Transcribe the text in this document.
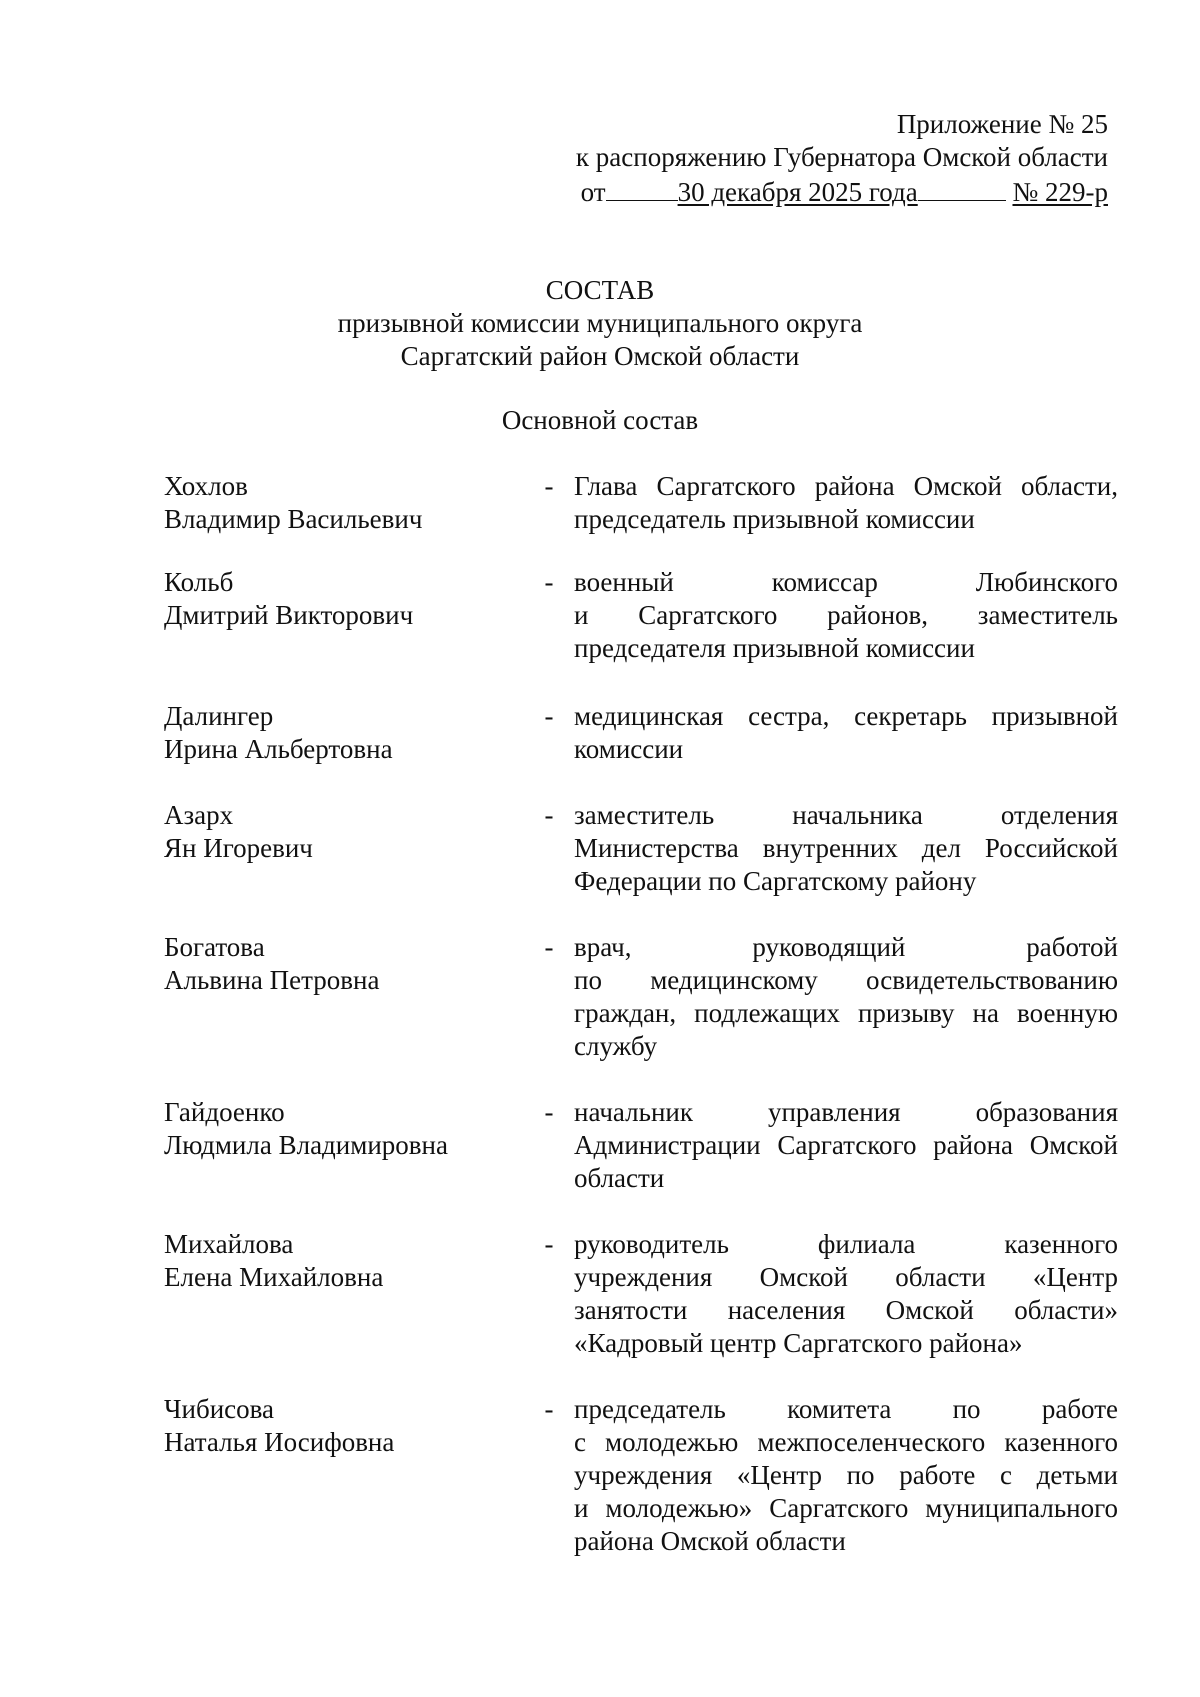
Приложение № 25
к распоряжению Губернатора Омской области
от	30 декабря 2025 года	№ 229-р
СОСТАВ
призывной комиссии муниципального округа
Саргатский район Омской области
Основной состав
Хохлов
Владимир Васильевич
- Глава Саргатского района Омской области,
председатель призывной комиссии
Кольб
Дмитрий Викторович
- военный комиссар Любинского
и Саргатского районов, заместитель
председателя призывной комиссии
Далингер
Ирина Альбертовна
- медицинская сестра, секретарь призывной
комиссии
Азарх
Ян Игоревич
- заместитель начальника отделения
Министерства внутренних дел Российской
Федерации по Саргатскому району
Богатова
Альвина Петровна
- врач, руководящий работой
по медицинскому освидетельствованию
граждан, подлежащих призыву на военную
службу
Гайдоенко
Людмила Владимировна
- начальник управления образования
Администрации Саргатского района Омской
области
Михайлова
Елена Михайловна
- руководитель филиала казенного
учреждения Омской области «Центр
занятости населения Омской области»
«Кадровый центр Саргатского района»
Чибисова
Наталья Иосифовна
- председатель комитета по работе
с молодежью межпоселенческого казенного
учреждения «Центр по работе с детьми
и молодежью» Саргатского муниципального
района Омской области
